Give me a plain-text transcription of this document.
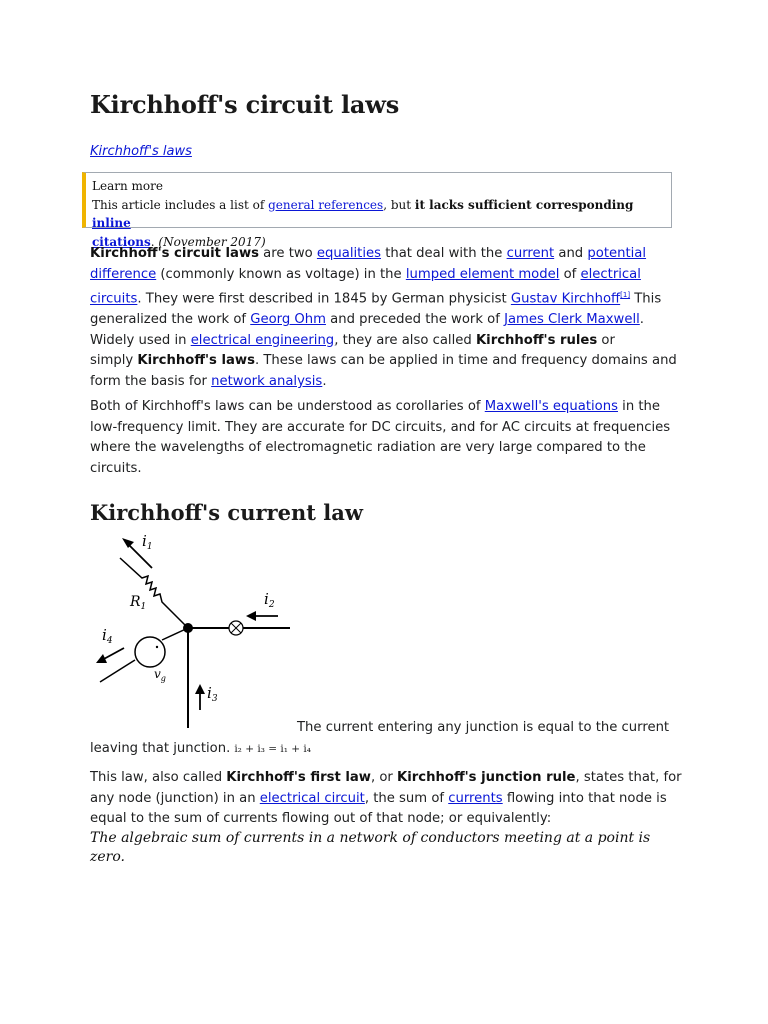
Kirchhoff's circuit laws
Kirchhoff's laws
Learn more
This article includes a list of general references, but it lacks sufficient corresponding inline
citations. (November 2017)
Kirchhoff's circuit laws are two equalities that deal with the current and potential
difference (commonly known as voltage) in the lumped element model of electrical
circuits. They were first described in 1845 by German physicist Gustav Kirchhoff[1] This
generalized the work of Georg Ohm and preceded the work of James Clerk Maxwell.
Widely used in electrical engineering, they are also called Kirchhoff's rules or
simply Kirchhoff's laws. These laws can be applied in time and frequency domains and
form the basis for network analysis.
Both of Kirchhoff's laws can be understood as corollaries of Maxwell's equations in the
low-frequency limit. They are accurate for DC circuits, and for AC circuits at frequencies
where the wavelengths of electromagnetic radiation are very large compared to the
circuits.
Kirchhoff's current law
$i_1$
$i_2$
$i_3$
$i_4$
$R_1$
$v_g$
The current entering any junction is equal to the current
leaving that junction. i₂ + i₃ = i₁ + i₄
This law, also called Kirchhoff's first law, or Kirchhoff's junction rule, states that, for
any node (junction) in an electrical circuit, the sum of currents flowing into that node is
equal to the sum of currents flowing out of that node; or equivalently:
The algebraic sum of currents in a network of conductors meeting at a point is zero.
